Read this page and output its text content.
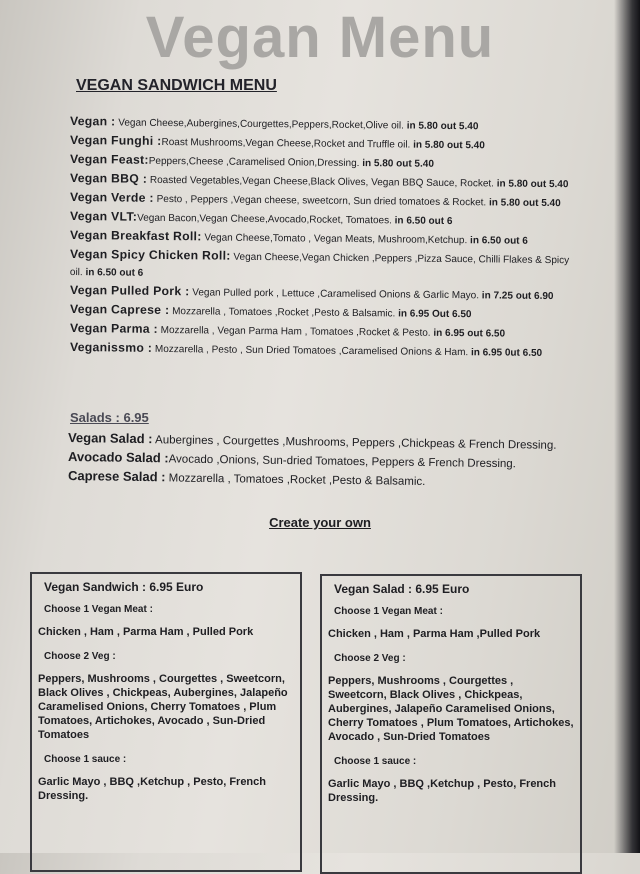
Vegan Menu
VEGAN SANDWICH MENU

Vegan : Vegan Cheese,Aubergines,Courgettes,Peppers,Rocket,Olive oil. in 5.80 out 5.40

Vegan Funghi :Roast Mushrooms,Vegan Cheese,Rocket and Truffle oil. in 5.80 out 5.40

Vegan Feast:Peppers,Cheese ,Caramelised Onion,Dressing. in 5.80 out 5.40

Vegan BBQ : Roasted Vegetables,Vegan Cheese,Black Olives, Vegan BBQ Sauce, Rocket. in 5.80 out 5.40

Vegan Verde : Pesto , Peppers ,Vegan cheese, sweetcorn, Sun dried tomatoes & Rocket. in 5.80 out 5.40

Vegan VLT:Vegan Bacon,Vegan Cheese,Avocado,Rocket, Tomatoes. in 6.50 out 6

Vegan Breakfast Roll: Vegan Cheese,Tomato , Vegan Meats, Mushroom,Ketchup. in 6.50 out 6

Vegan Spicy Chicken Roll: Vegan Cheese,Vegan Chicken ,Peppers ,Pizza Sauce, Chilli Flakes & Spicy oil. in 6.50 out 6

Vegan Pulled Pork : Vegan Pulled pork , Lettuce ,Caramelised Onions & Garlic Mayo. in 7.25 out 6.90

Vegan Caprese : Mozzarella , Tomatoes ,Rocket ,Pesto & Balsamic. in 6.95 Out 6.50

Vegan Parma : Mozzarella , Vegan Parma Ham , Tomatoes ,Rocket & Pesto. in 6.95 out 6.50

Veganissmo : Mozzarella , Pesto , Sun Dried Tomatoes ,Caramelised Onions & Ham. in 6.95 0ut 6.50

Salads : 6.95

Vegan Salad : Aubergines , Courgettes ,Mushrooms, Peppers ,Chickpeas & French Dressing.

Avocado Salad :Avocado ,Onions, Sun-dried Tomatoes, Peppers & French Dressing.

Caprese Salad : Mozzarella , Tomatoes ,Rocket ,Pesto & Balsamic.

Create your own
Vegan Sandwich : 6.95 Euro
Choose 1 Vegan Meat :

Chicken , Ham , Parma Ham , Pulled Pork

Choose 2 Veg :

Peppers, Mushrooms , Courgettes , Sweetcorn, Black Olives , Chickpeas, Aubergines, Jalapeño Caramelised Onions, Cherry Tomatoes , Plum Tomatoes, Artichokes, Avocado , Sun-Dried Tomatoes

Choose 1 sauce :

Garlic Mayo , BBQ ,Ketchup , Pesto, French Dressing.

Vegan Salad : 6.95 Euro
Choose 1 Vegan Meat :

Chicken , Ham , Parma Ham ,Pulled Pork

Choose 2 Veg :

Peppers, Mushrooms , Courgettes , Sweetcorn, Black Olives , Chickpeas, Aubergines, Jalapeño Caramelised Onions, Cherry Tomatoes , Plum Tomatoes, Artichokes, Avocado , Sun-Dried Tomatoes

Choose 1 sauce :

Garlic Mayo , BBQ ,Ketchup , Pesto, French Dressing.
